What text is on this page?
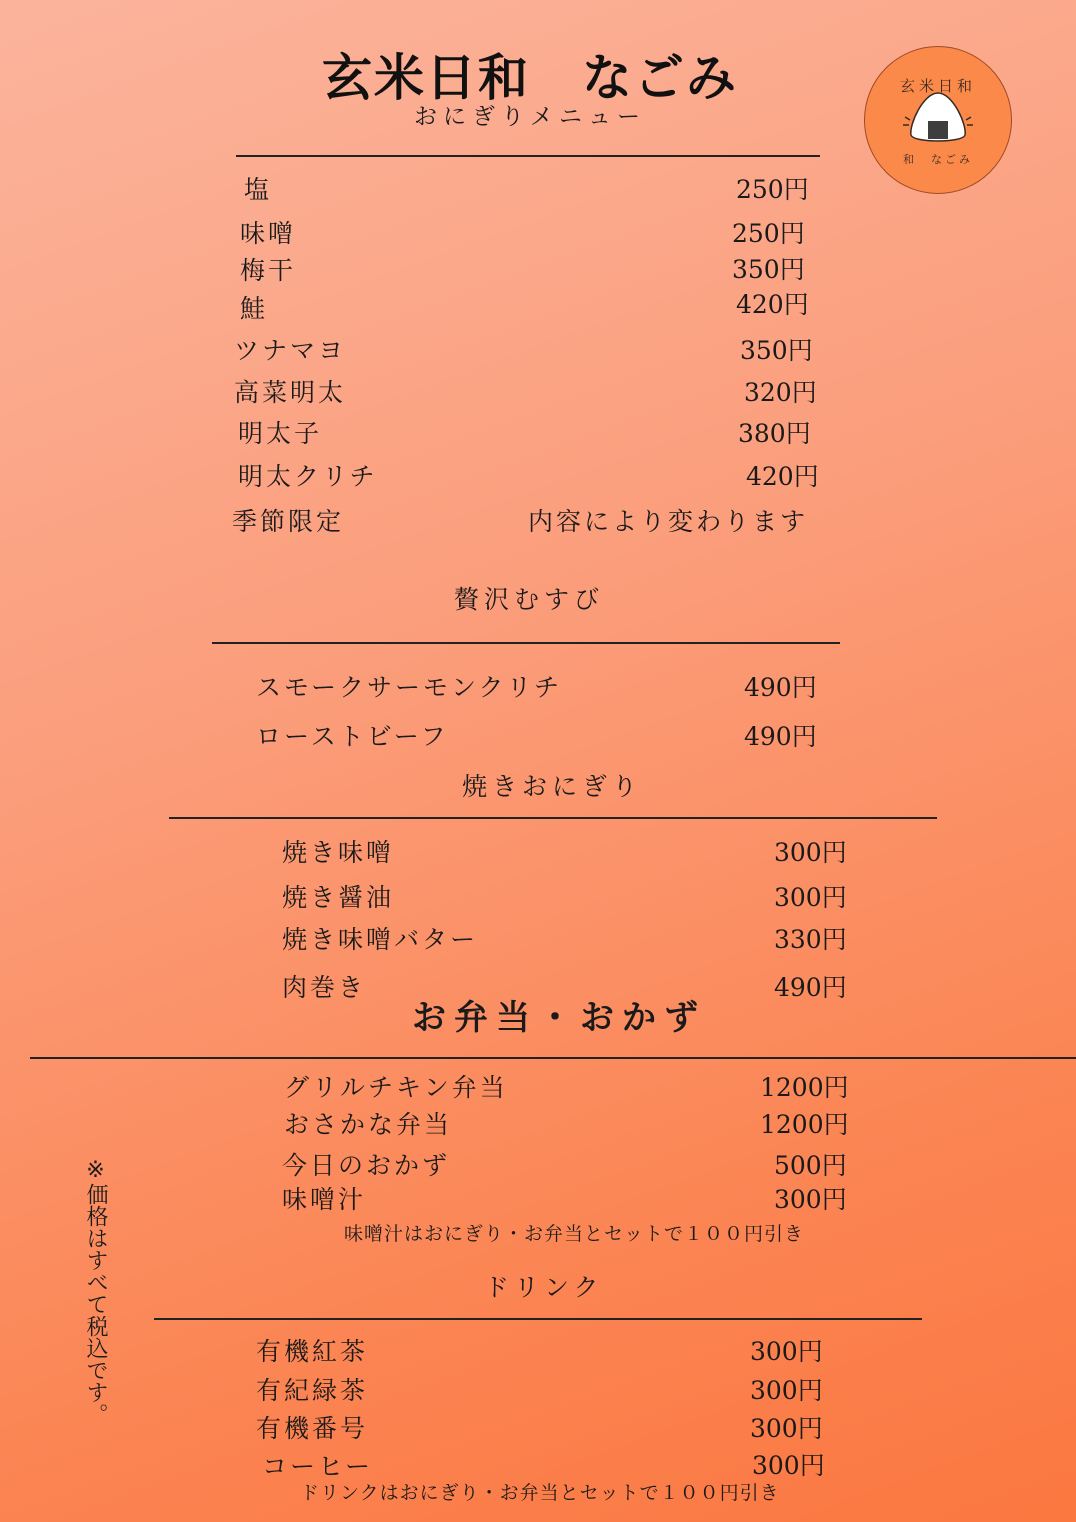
玄米日和　なごみ
おにぎりメニュー
玄米日和
和　なごみ
塩	250円
味噌	250円
梅干	350円
鮭	420円
ツナマヨ	350円
高菜明太	320円
明太子	380円
明太クリチ	420円
季節限定	内容により変わります
贅沢むすび
スモークサーモンクリチ	490円
ローストビーフ	490円
焼きおにぎり
焼き味噌	300円
焼き醤油	300円
焼き味噌バター	330円
肉巻き	490円
お弁当・おかず
グリルチキン弁当	1200円
おさかな弁当	1200円
今日のおかず	500円
味噌汁	300円
味噌汁はおにぎり・お弁当とセットで１００円引き
ドリンク
有機紅茶	300円
有紀緑茶	300円
有機番号	300円
コーヒー	300円
ドリンクはおにぎり・お弁当とセットで１００円引き
※価格はすべて税込です。
